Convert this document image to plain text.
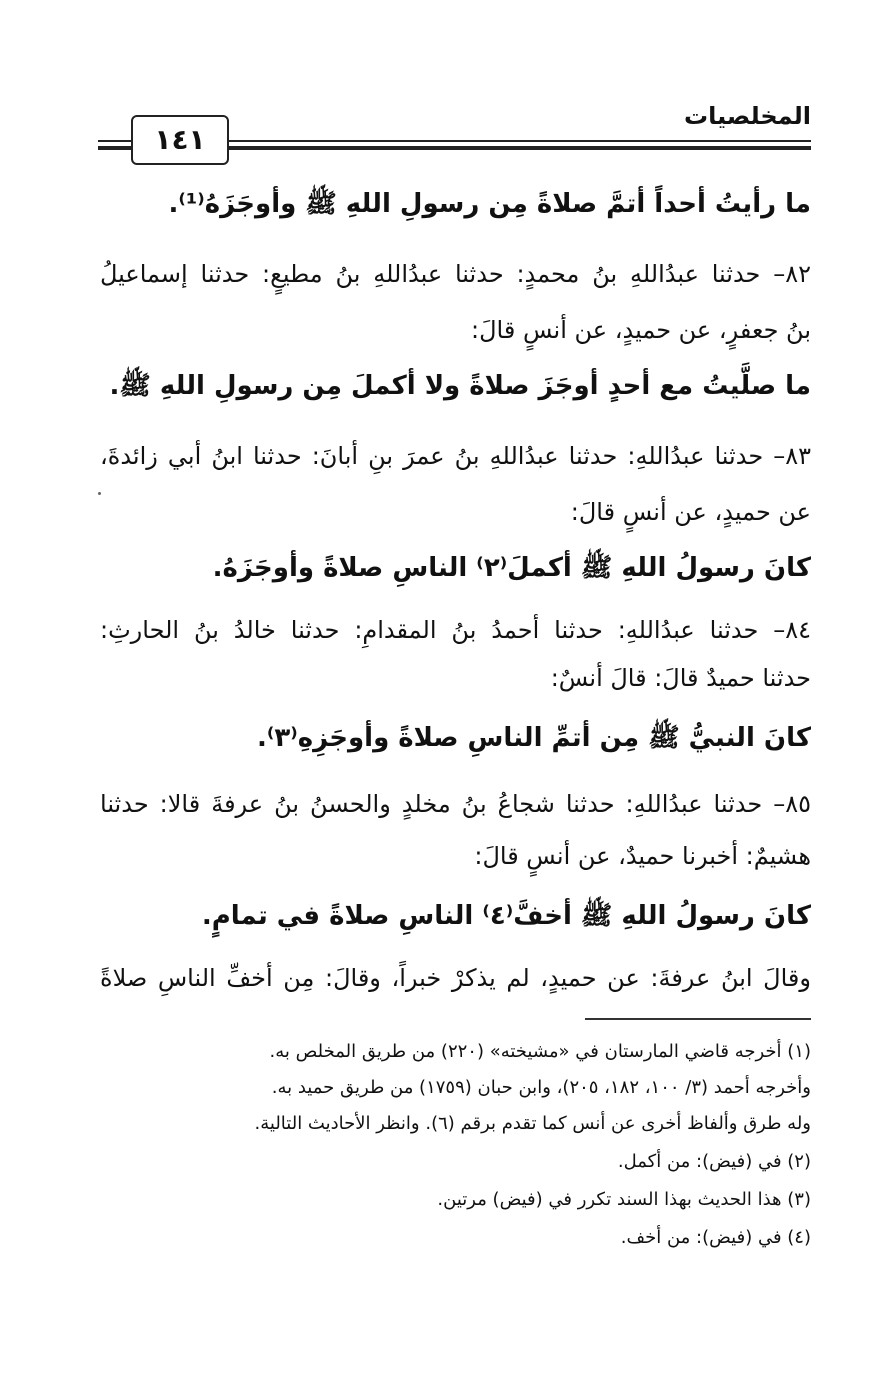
المخلصيات
١٤١
ما رأيتُ أحداً أتمَّ صلاةً مِن رسولِ اللهِ ﷺ وأوجَزَهُ⁽¹⁾.
٨٢– حدثنا عبدُاللهِ بنُ محمدٍ: حدثنا عبدُاللهِ بنُ مطيعٍ: حدثنا إسماعيلُ
بنُ جعفرٍ، عن حميدٍ، عن أنسٍ قالَ:
ما صلَّيتُ مع أحدٍ أوجَزَ صلاةً ولا أكملَ مِن رسولِ اللهِ ﷺ.
٨٣– حدثنا عبدُاللهِ: حدثنا عبدُاللهِ بنُ عمرَ بنِ أبانَ: حدثنا ابنُ أبي زائدةَ،
عن حميدٍ، عن أنسٍ قالَ:
كانَ رسولُ اللهِ ﷺ أكملَ⁽٢⁾ الناسِ صلاةً وأوجَزَهُ.
٨٤– حدثنا عبدُاللهِ: حدثنا أحمدُ بنُ المقدامِ: حدثنا خالدُ بنُ الحارثِ:
حدثنا حميدٌ قالَ: قالَ أنسٌ:
كانَ النبيُّ ﷺ مِن أتمِّ الناسِ صلاةً وأوجَزِهِ⁽٣⁾.
٨٥– حدثنا عبدُاللهِ: حدثنا شجاعُ بنُ مخلدٍ والحسنُ بنُ عرفةَ قالا: حدثنا
هشيمٌ: أخبرنا حميدٌ، عن أنسٍ قالَ:
كانَ رسولُ اللهِ ﷺ أخفَّ⁽٤⁾ الناسِ صلاةً في تمامٍ.
وقالَ ابنُ عرفةَ: عن حميدٍ، لم يذكرْ خبراً، وقالَ: مِن أخفِّ الناسِ صلاةً
(١) أخرجه قاضي المارستان في «مشيخته» (٢٢٠) من طريق المخلص به.
وأخرجه أحمد (٣/ ١٠٠، ١٨٢، ٢٠٥)، وابن حبان (١٧٥٩) من طريق حميد به.
وله طرق وألفاظ أخرى عن أنس كما تقدم برقم (٦). وانظر الأحاديث التالية.
(٢) في (فيض): من أكمل.
(٣) هذا الحديث بهذا السند تكرر في (فيض) مرتين.
(٤) في (فيض): من أخف.
